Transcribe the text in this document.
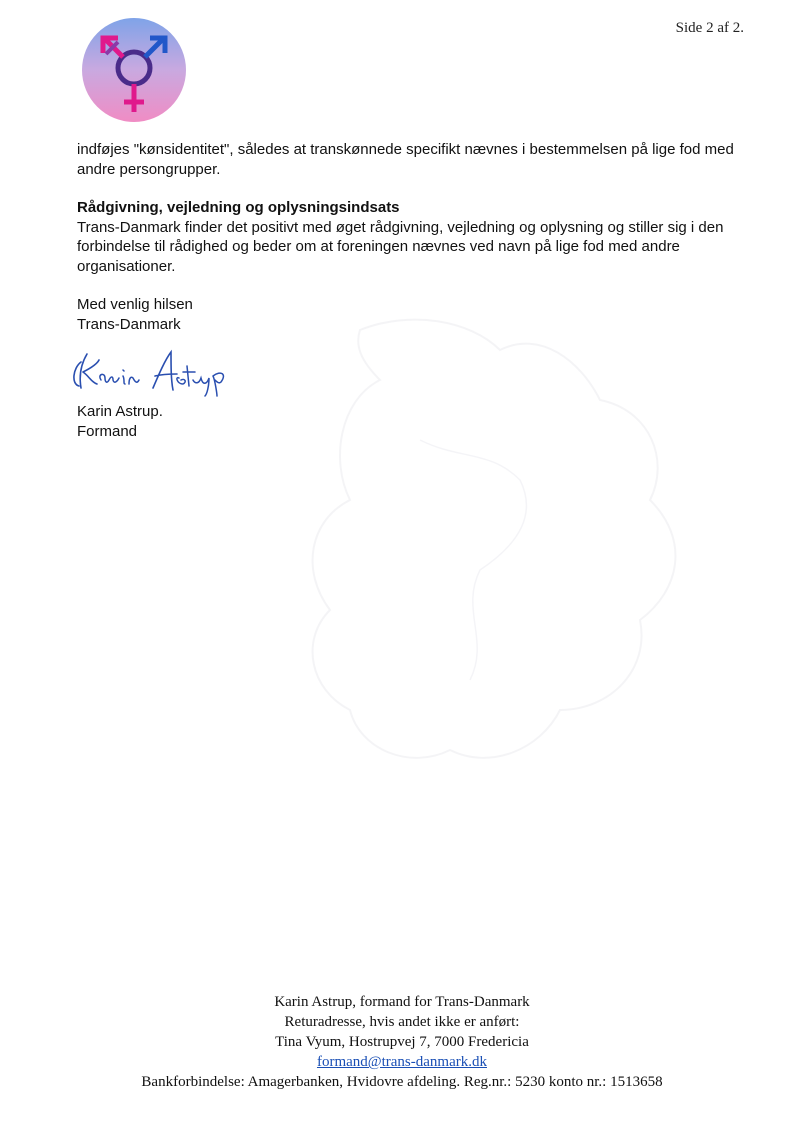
Side 2 af 2.

indføjes "kønsidentitet", således at transkønnede specifikt nævnes i bestemmelsen på lige fod med andre persongrupper.

Rådgivning, vejledning og oplysningsindsats

Trans-Danmark finder det positivt med øget rådgivning, vejledning og oplysning og stiller sig i den forbindelse til rådighed og beder om at foreningen nævnes ved navn på lige fod med andre organisationer.

Med venlig hilsen

Trans-Danmark

Karin Astrup.

Formand

Karin Astrup, formand for Trans-Danmark
Returadresse, hvis andet ikke er anført:
Tina Vyum, Hostrupvej 7, 7000 Fredericia
formand@trans-danmark.dk
Bankforbindelse: Amagerbanken, Hvidovre afdeling. Reg.nr.: 5230 konto nr.: 1513658
